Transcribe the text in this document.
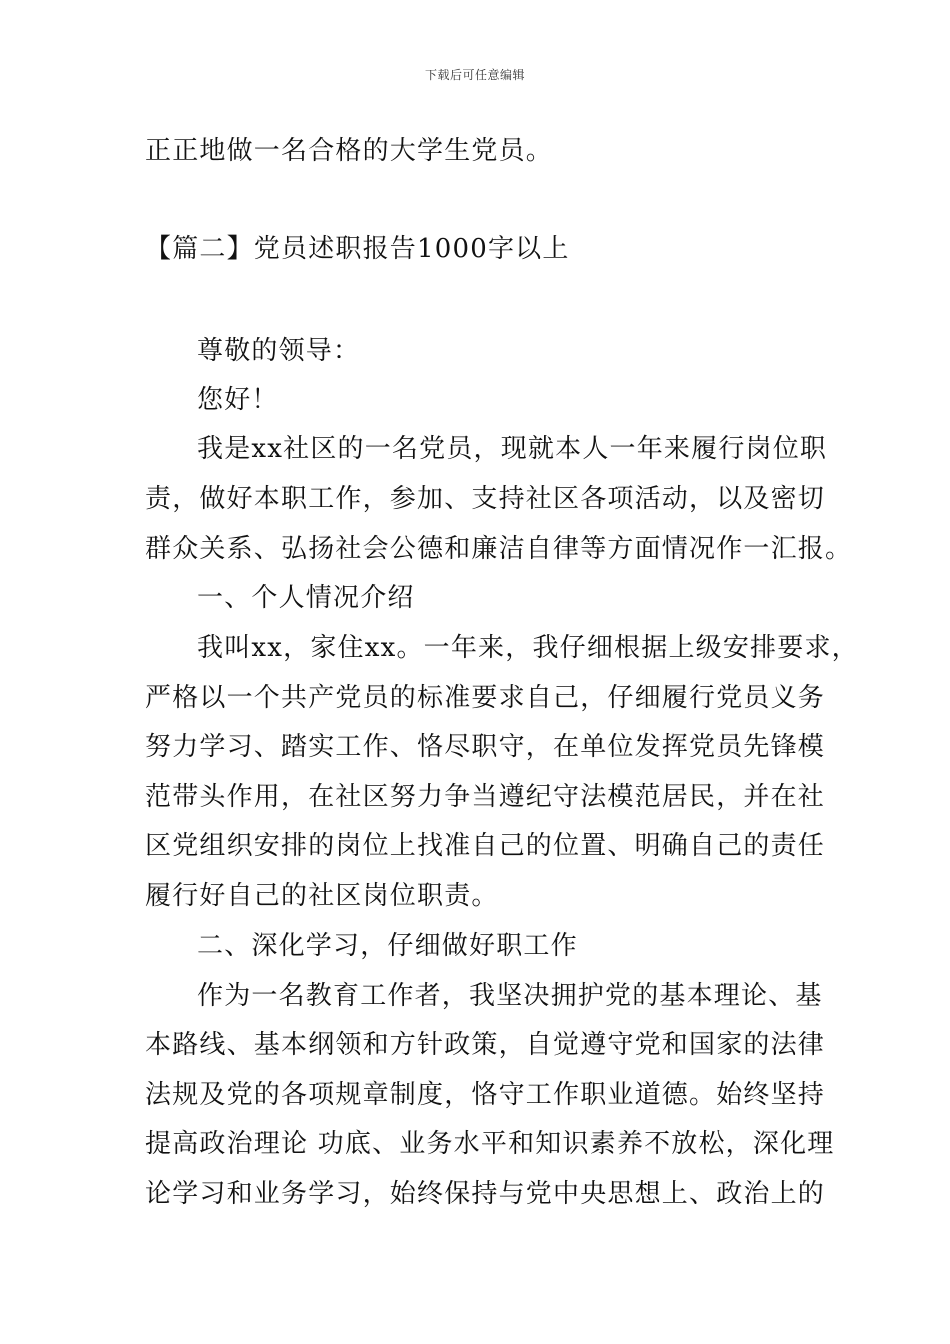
下载后可任意编辑
正正地做一名合格的大学生党员。
【篇二】党员述职报告1000字以上
尊敬的领导：
您好！
我是xx社区的一名党员，现就本人一年来履行岗位职
责，做好本职工作，参加、支持社区各项活动，以及密切
群众关系、弘扬社会公德和廉洁自律等方面情况作一汇报。
一、个人情况介绍
我叫xx，家住xx。一年来，我仔细根据上级安排要求，
严格以一个共产党员的标准要求自己，仔细履行党员义务
努力学习、踏实工作、恪尽职守，在单位发挥党员先锋模
范带头作用，在社区努力争当遵纪守法模范居民，并在社
区党组织安排的岗位上找准自己的位置、明确自己的责任
履行好自己的社区岗位职责。
二、深化学习，仔细做好职工作
作为一名教育工作者，我坚决拥护党的基本理论、基
本路线、基本纲领和方针政策，自觉遵守党和国家的法律
法规及党的各项规章制度，恪守工作职业道德。始终坚持
提高政治理论 功底、业务水平和知识素养不放松，深化理
论学习和业务学习，始终保持与党中央思想上、政治上的
